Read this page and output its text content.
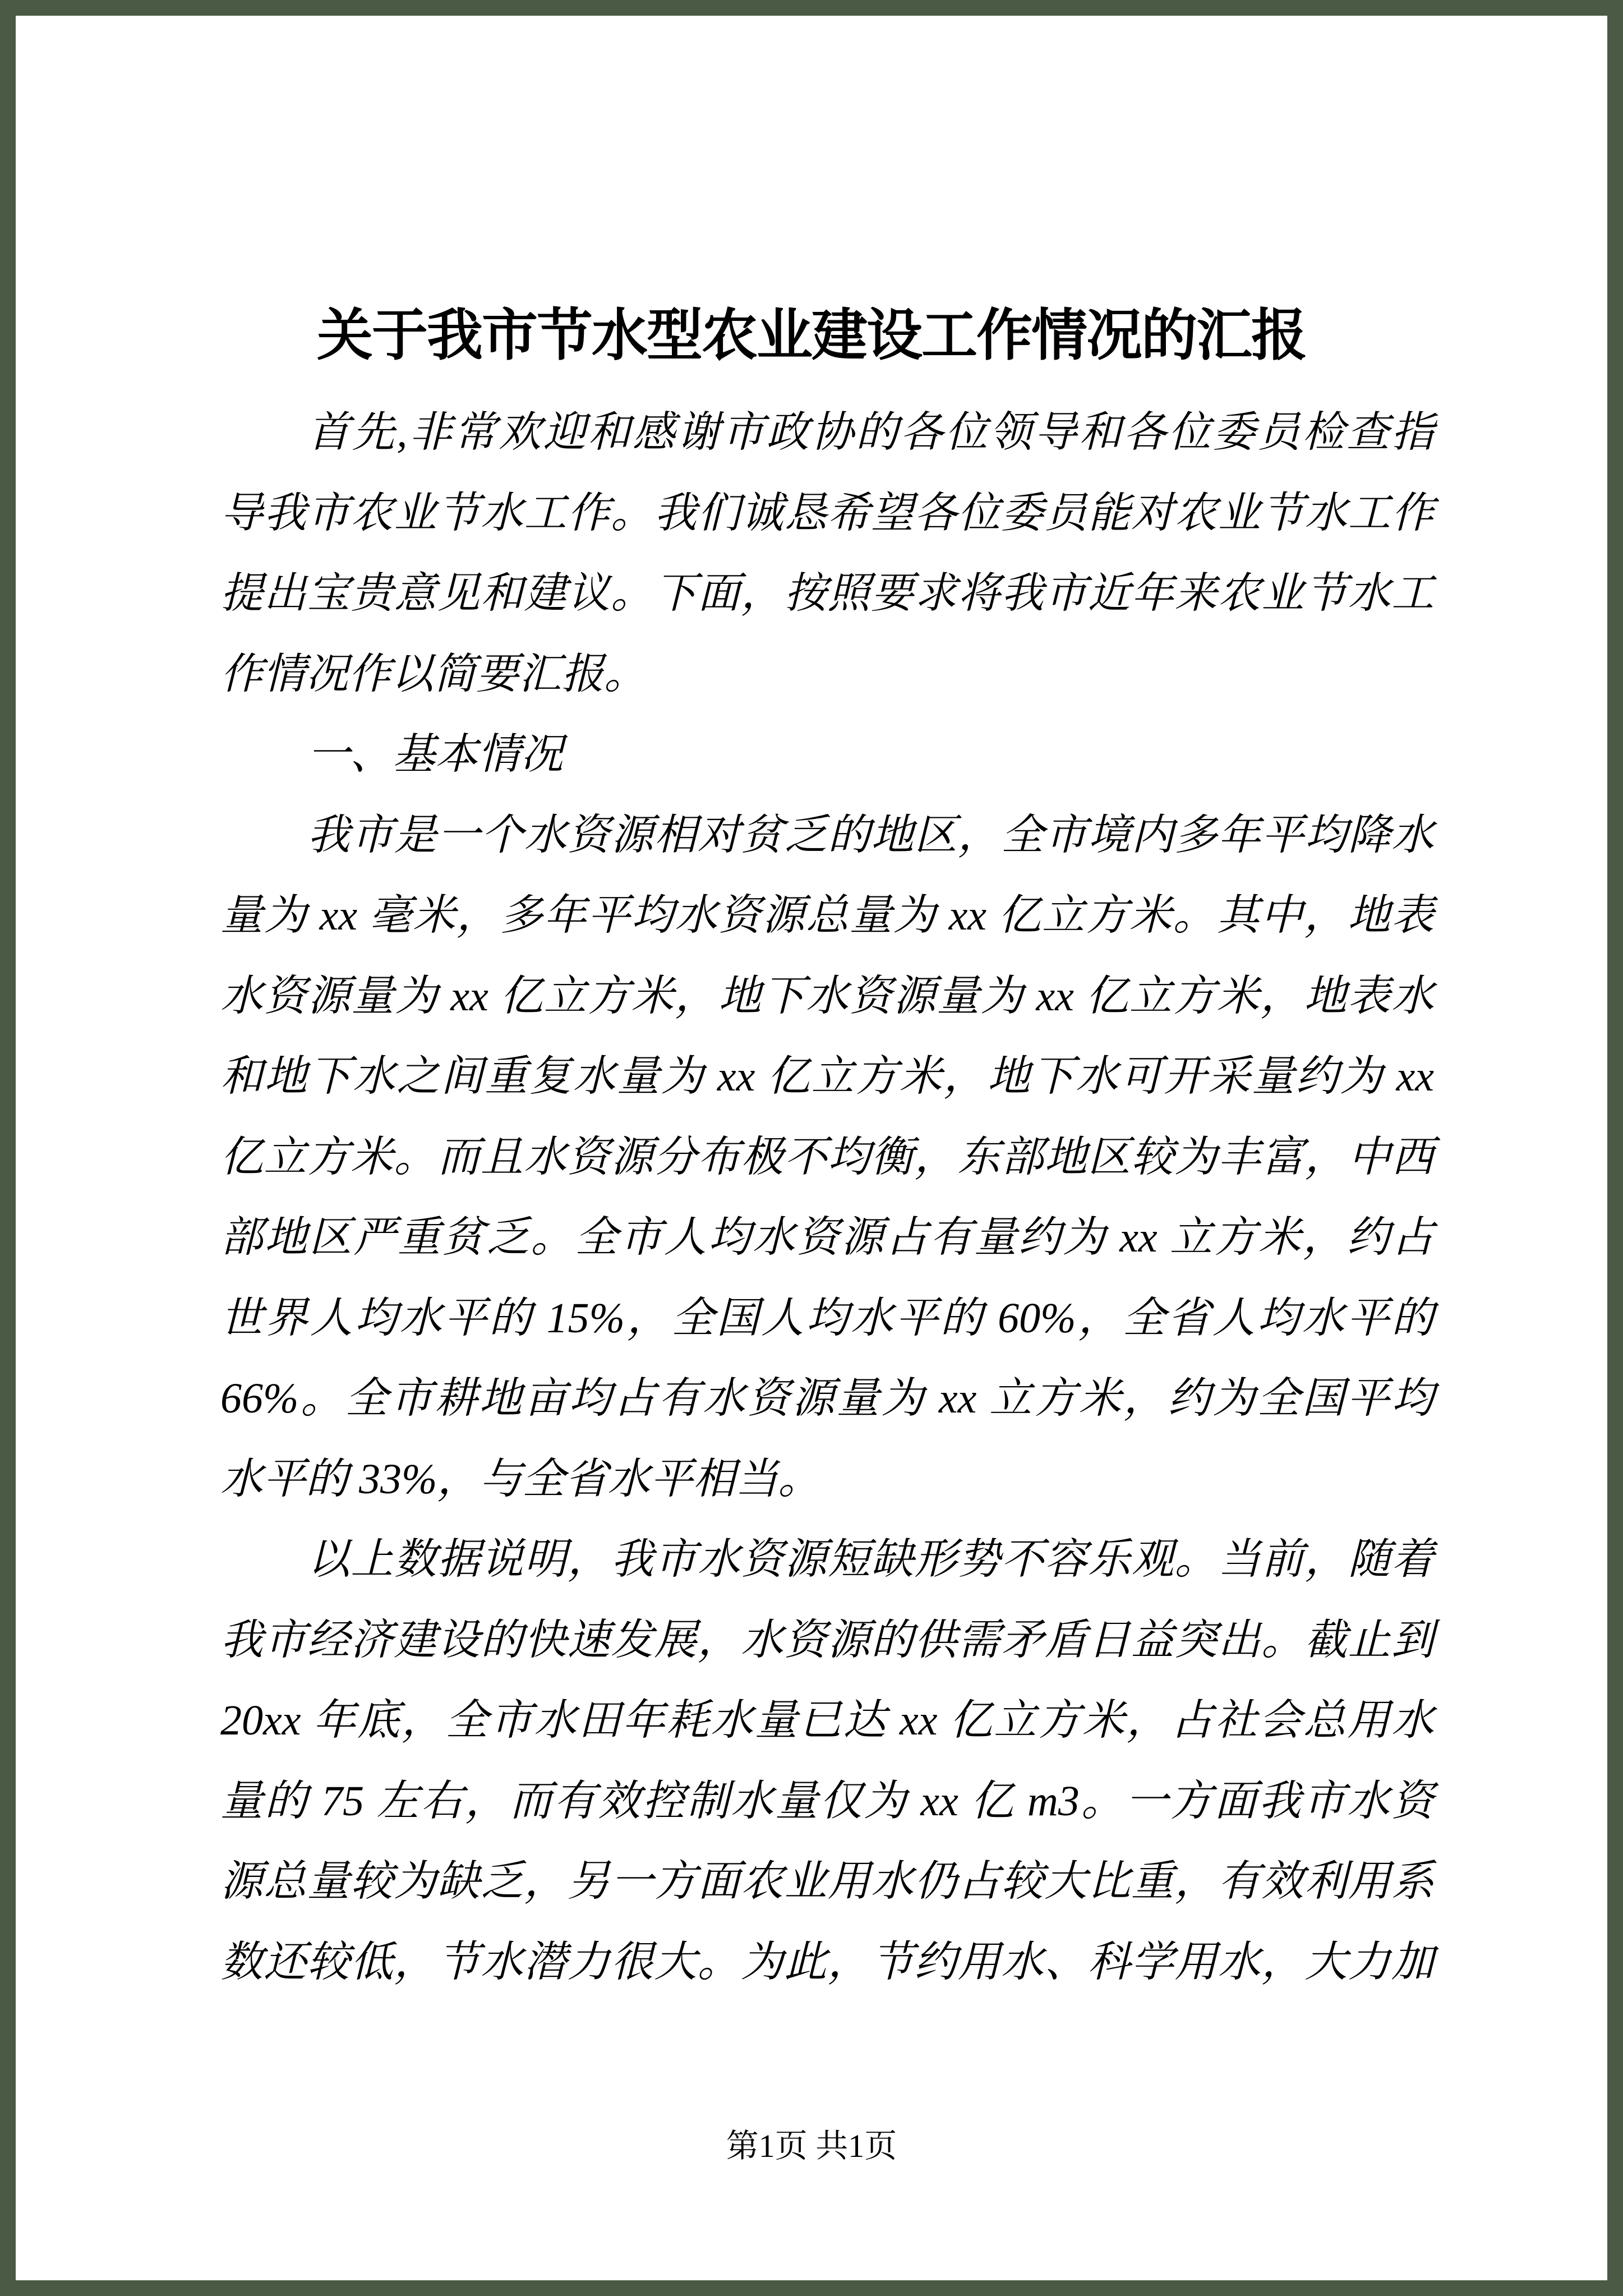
关于我市节水型农业建设工作情况的汇报
首先,非常欢迎和感谢市政协的各位领导和各位委员检查指
导我市农业节水工作。我们诚恳希望各位委员能对农业节水工作
提出宝贵意见和建议。下面，按照要求将我市近年来农业节水工
作情况作以简要汇报。
一、基本情况
我市是一个水资源相对贫乏的地区，全市境内多年平均降水
量为 xx 毫米，多年平均水资源总量为 xx 亿立方米。其中，地表
水资源量为 xx 亿立方米，地下水资源量为 xx 亿立方米，地表水
和地下水之间重复水量为 xx 亿立方米，地下水可开采量约为 xx
亿立方米。而且水资源分布极不均衡，东部地区较为丰富，中西
部地区严重贫乏。全市人均水资源占有量约为 xx 立方米，约占
世界人均水平的 15%，全国人均水平的 60%，全省人均水平的
66%。全市耕地亩均占有水资源量为 xx 立方米，约为全国平均
水平的 33%，与全省水平相当。
以上数据说明，我市水资源短缺形势不容乐观。当前，随着
我市经济建设的快速发展，水资源的供需矛盾日益突出。截止到
20xx 年底，全市水田年耗水量已达 xx 亿立方米，占社会总用水
量的 75 左右，而有效控制水量仅为 xx 亿 m3。一方面我市水资
源总量较为缺乏，另一方面农业用水仍占较大比重，有效利用系
数还较低，节水潜力很大。为此，节约用水、科学用水，大力加
第1页 共1页
